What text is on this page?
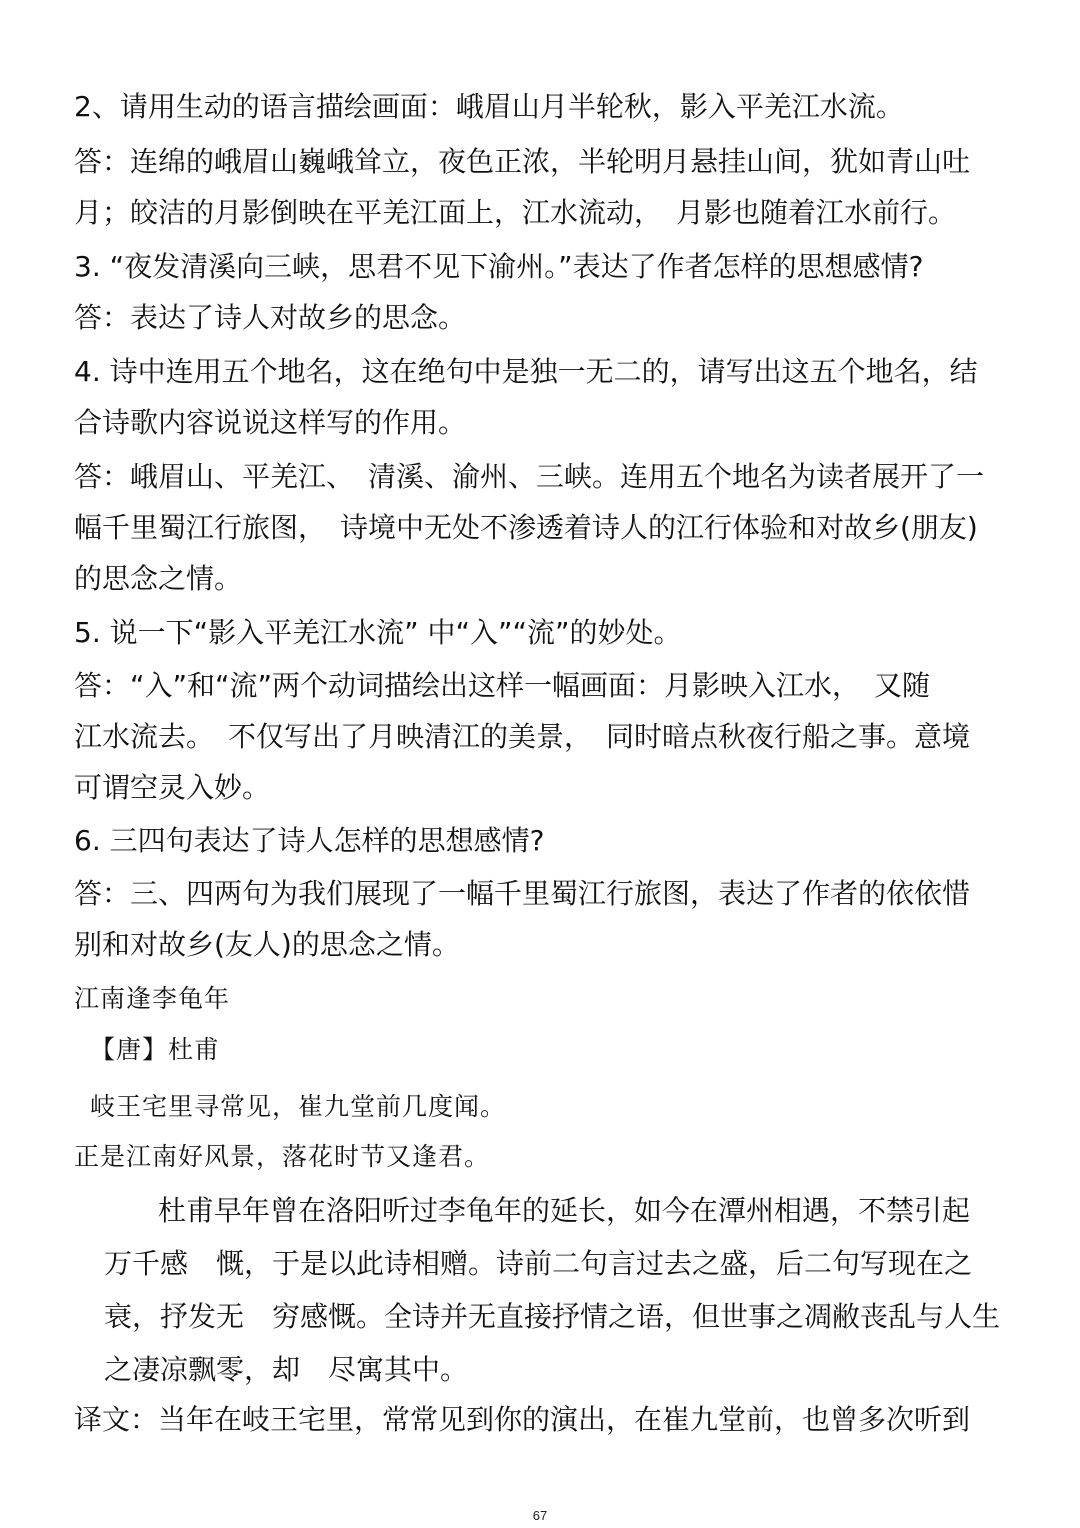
2、请用生动的语言描绘画面：峨眉山月半轮秋，影入平羌江水流。
答：连绵的峨眉山巍峨耸立，夜色正浓，半轮明月悬挂山间，犹如青山吐
月；皎洁的月影倒映在平羌江面上，江水流动，　月影也随着江水前行。
3. “夜发清溪向三峡，思君不见下渝州。”表达了作者怎样的思想感情?
答：表达了诗人对故乡的思念。
4. 诗中连用五个地名，这在绝句中是独一无二的，请写出这五个地名，结
合诗歌内容说说这样写的作用。
答：峨眉山、平羌江、　清溪、渝州、三峡。连用五个地名为读者展开了一
幅千里蜀江行旅图，　诗境中无处不渗透着诗人的江行体验和对故乡(朋友)
的思念之情。
5. 说一下“影入平羌江水流” 中“入”“流”的妙处。
答：“入”和“流”两个动词描绘出这样一幅画面：月影映入江水，　又随
江水流去。　不仅写出了月映清江的美景，　同时暗点秋夜行船之事。意境
可谓空灵入妙。
6. 三四句表达了诗人怎样的思想感情?
答：三、四两句为我们展现了一幅千里蜀江行旅图，表达了作者的依依惜
别和对故乡(友人)的思念之情。
江南逢李龟年
【唐】杜甫
岐王宅里寻常见，崔九堂前几度闻。
正是江南好风景，落花时节又逢君。
　　杜甫早年曾在洛阳听过李龟年的延长，如今在潭州相遇，不禁引起
万千感　慨，于是以此诗相赠。诗前二句言过去之盛，后二句写现在之
衰，抒发无　穷感慨。全诗并无直接抒情之语，但世事之凋敝丧乱与人生
之凄凉飘零，却　尽寓其中。
译文：当年在岐王宅里，常常见到你的演出，在崔九堂前，也曾多次听到
67
